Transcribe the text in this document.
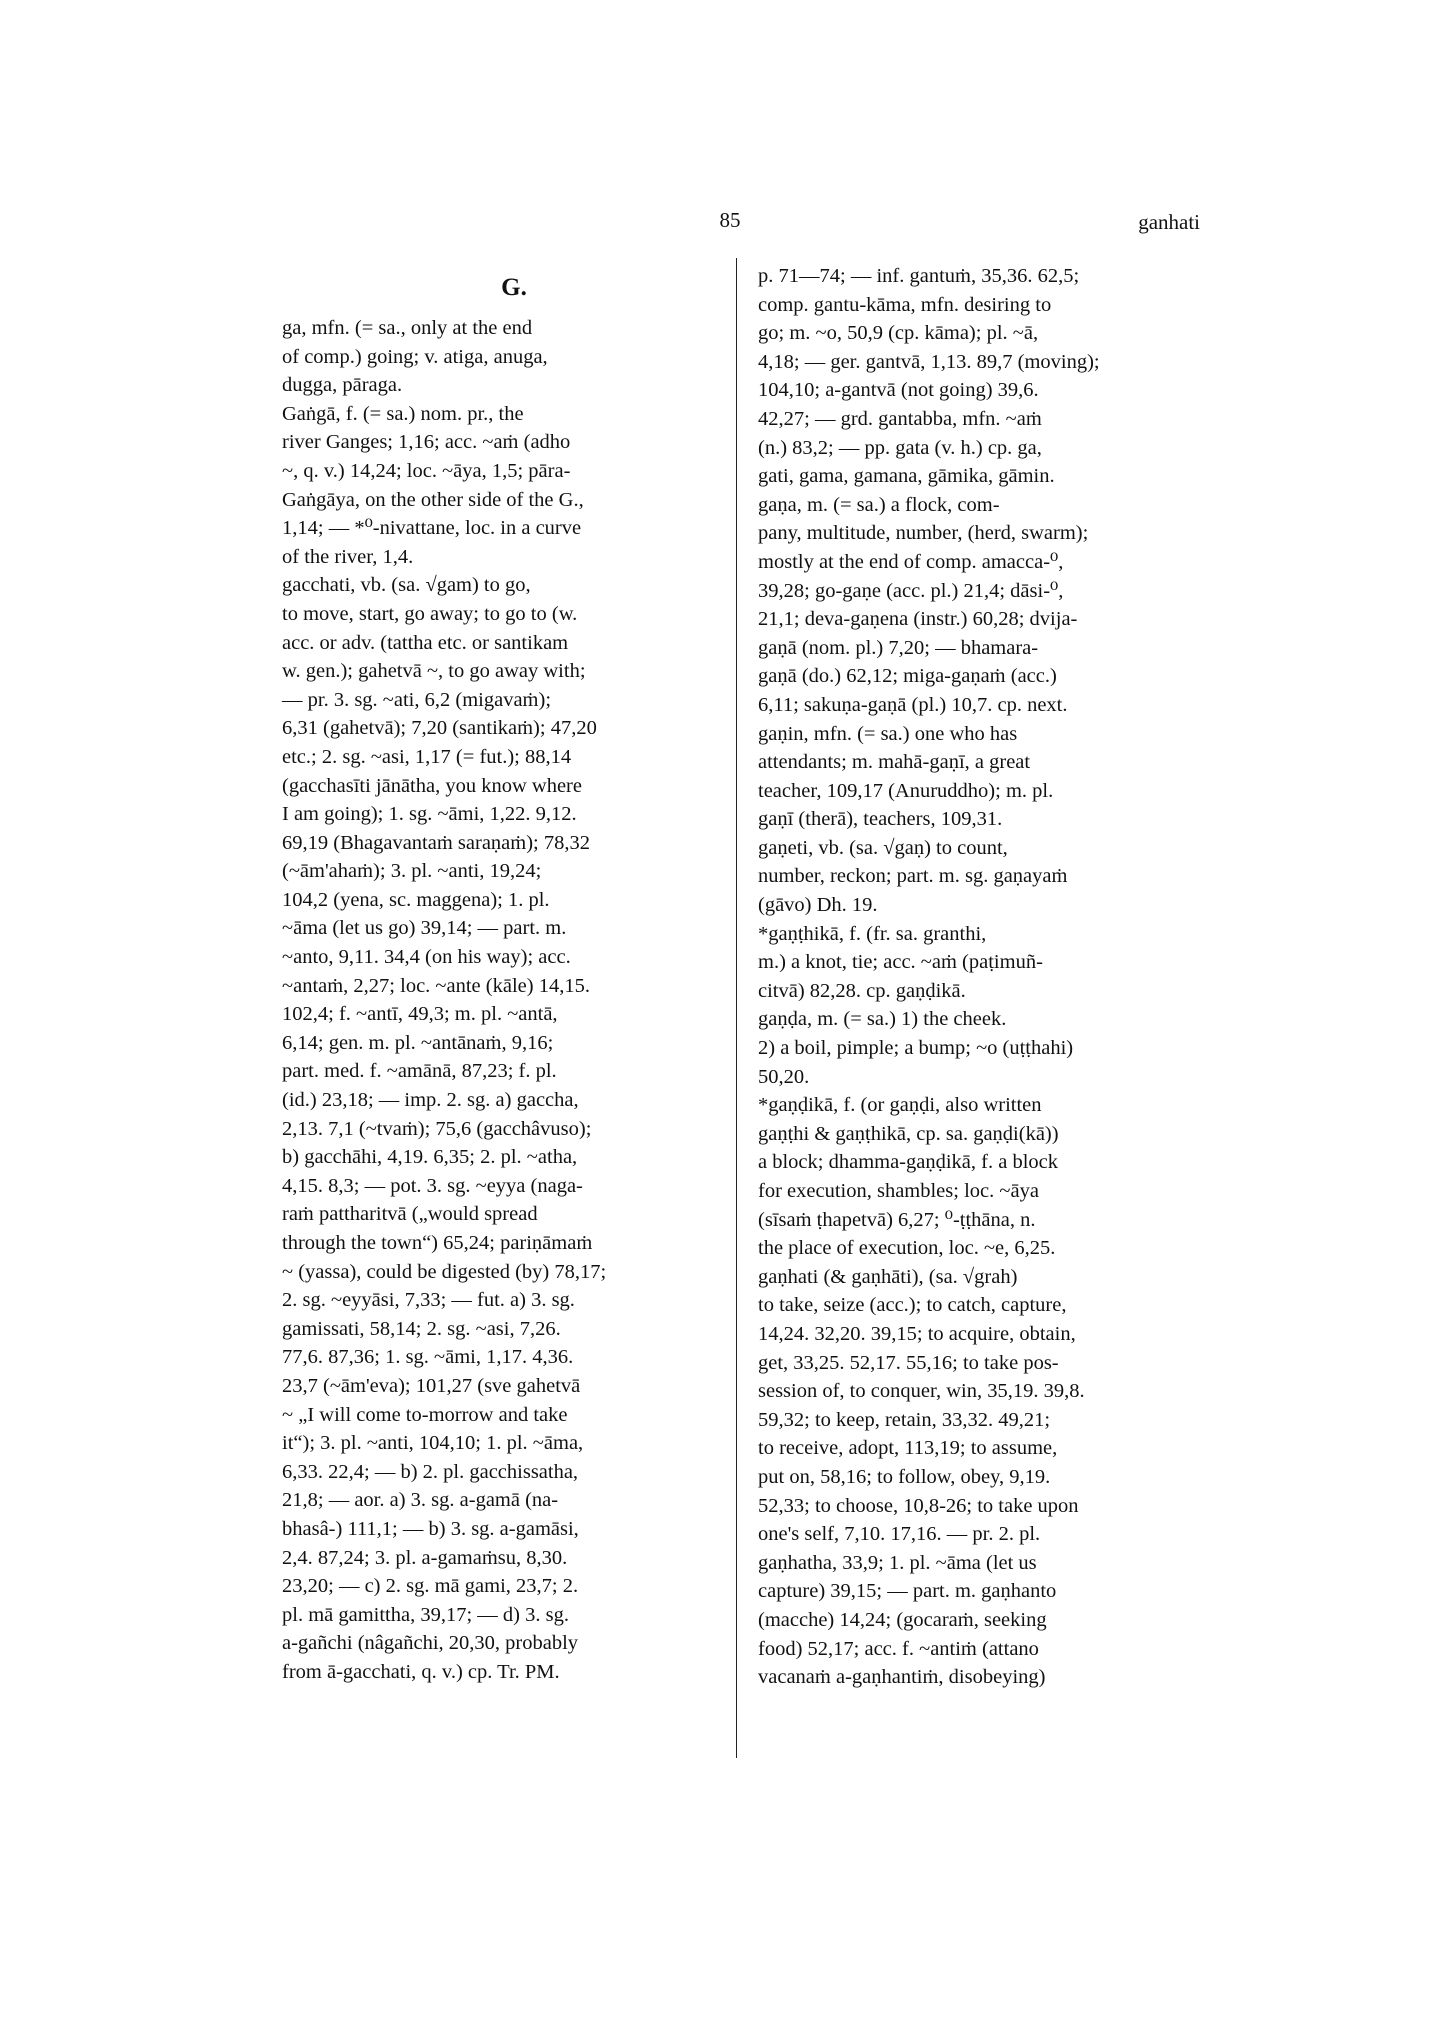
85	ganhati
G.
ga, mfn. (= sa., only at the end
of comp.) going; v. atiga, anuga,
dugga, pāraga.
Gaṅgā, f. (= sa.) nom. pr., the
river Ganges; 1,16; acc. ~aṁ (adho
~, q. v.) 14,24; loc. ~āya, 1,5; pāra-
Gaṅgāya, on the other side of the G.,
1,14; — *⁰-nivattane, loc. in a curve
of the river, 1,4.
gacchati, vb. (sa. √gam) to go,
to move, start, go away; to go to (w.
acc. or adv. (tattha etc. or santikam
w. gen.); gahetvā ~, to go away with;
— pr. 3. sg. ~ati, 6,2 (migavaṁ);
6,31 (gahetvā); 7,20 (santikaṁ); 47,20
etc.; 2. sg. ~asi, 1,17 (= fut.); 88,14
(gacchasīti jānātha, you know where
I am going); 1. sg. ~āmi, 1,22. 9,12.
69,19 (Bhagavantaṁ saraṇaṁ); 78,32
(~ām'ahaṁ); 3. pl. ~anti, 19,24;
104,2 (yena, sc. maggena); 1. pl.
~āma (let us go) 39,14; — part. m.
~anto, 9,11. 34,4 (on his way); acc.
~antaṁ, 2,27; loc. ~ante (kāle) 14,15.
102,4; f. ~antī, 49,3; m. pl. ~antā,
6,14; gen. m. pl. ~antānaṁ, 9,16;
part. med. f. ~amānā, 87,23; f. pl.
(id.) 23,18; — imp. 2. sg. a) gaccha,
2,13. 7,1 (~tvaṁ); 75,6 (gacchâvuso);
b) gacchāhi, 4,19. 6,35; 2. pl. ~atha,
4,15. 8,3; — pot. 3. sg. ~eyya (naga-
raṁ pattharitvā („would spread
through the town“) 65,24; pariṇāmaṁ
~ (yassa), could be digested (by) 78,17;
2. sg. ~eyyāsi, 7,33; — fut. a) 3. sg.
gamissati, 58,14; 2. sg. ~asi, 7,26.
77,6. 87,36; 1. sg. ~āmi, 1,17. 4,36.
23,7 (~ām'eva); 101,27 (sve gahetvā
~ „I will come to-morrow and take
it“); 3. pl. ~anti, 104,10; 1. pl. ~āma,
6,33. 22,4; — b) 2. pl. gacchissatha,
21,8; — aor. a) 3. sg. a-gamā (na-
bhasâ-) 111,1; — b) 3. sg. a-gamāsi,
2,4. 87,24; 3. pl. a-gamaṁsu, 8,30.
23,20; — c) 2. sg. mā gami, 23,7; 2.
pl. mā gamittha, 39,17; — d) 3. sg.
a-gañchi (nâgañchi, 20,30, probably
from ā-gacchati, q. v.) cp. Tr. PM.
p. 71—74; — inf. gantuṁ, 35,36. 62,5;
comp. gantu-kāma, mfn. desiring to
go; m. ~o, 50,9 (cp. kāma); pl. ~ā,
4,18; — ger. gantvā, 1,13. 89,7 (moving);
104,10; a-gantvā (not going) 39,6.
42,27; — grd. gantabba, mfn. ~aṁ
(n.) 83,2; — pp. gata (v. h.) cp. ga,
gati, gama, gamana, gāmika, gāmin.
gaṇa, m. (= sa.) a flock, com-
pany, multitude, number, (herd, swarm);
mostly at the end of comp. amacca-⁰,
39,28; go-gaṇe (acc. pl.) 21,4; dāsi-⁰,
21,1; deva-gaṇena (instr.) 60,28; dvija-
gaṇā (nom. pl.) 7,20; — bhamara-
gaṇā (do.) 62,12; miga-gaṇaṁ (acc.)
6,11; sakuṇa-gaṇā (pl.) 10,7. cp. next.
gaṇin, mfn. (= sa.) one who has
attendants; m. mahā-gaṇī, a great
teacher, 109,17 (Anuruddho); m. pl.
gaṇī (therā), teachers, 109,31.
gaṇeti, vb. (sa. √gaṇ) to count,
number, reckon; part. m. sg. gaṇayaṁ
(gāvo) Dh. 19.
*gaṇṭhikā, f. (fr. sa. granthi,
m.) a knot, tie; acc. ~aṁ (paṭimuñ-
citvā) 82,28. cp. gaṇḍikā.
gaṇḍa, m. (= sa.) 1) the cheek.
2) a boil, pimple; a bump; ~o (uṭṭhahi)
50,20.
*gaṇḍikā, f. (or gaṇḍi, also written
gaṇṭhi & gaṇṭhikā, cp. sa. gaṇḍi(kā))
a block; dhamma-gaṇḍikā, f. a block
for execution, shambles; loc. ~āya
(sīsaṁ ṭhapetvā) 6,27; ⁰-ṭṭhāna, n.
the place of execution, loc. ~e, 6,25.
gaṇhati (& gaṇhāti), (sa. √grah)
to take, seize (acc.); to catch, capture,
14,24. 32,20. 39,15; to acquire, obtain,
get, 33,25. 52,17. 55,16; to take pos-
session of, to conquer, win, 35,19. 39,8.
59,32; to keep, retain, 33,32. 49,21;
to receive, adopt, 113,19; to assume,
put on, 58,16; to follow, obey, 9,19.
52,33; to choose, 10,8-26; to take upon
one's self, 7,10. 17,16. — pr. 2. pl.
gaṇhatha, 33,9; 1. pl. ~āma (let us
capture) 39,15; — part. m. gaṇhanto
(macche) 14,24; (gocaraṁ, seeking
food) 52,17; acc. f. ~antiṁ (attano
vacanaṁ a-gaṇhantiṁ, disobeying)
